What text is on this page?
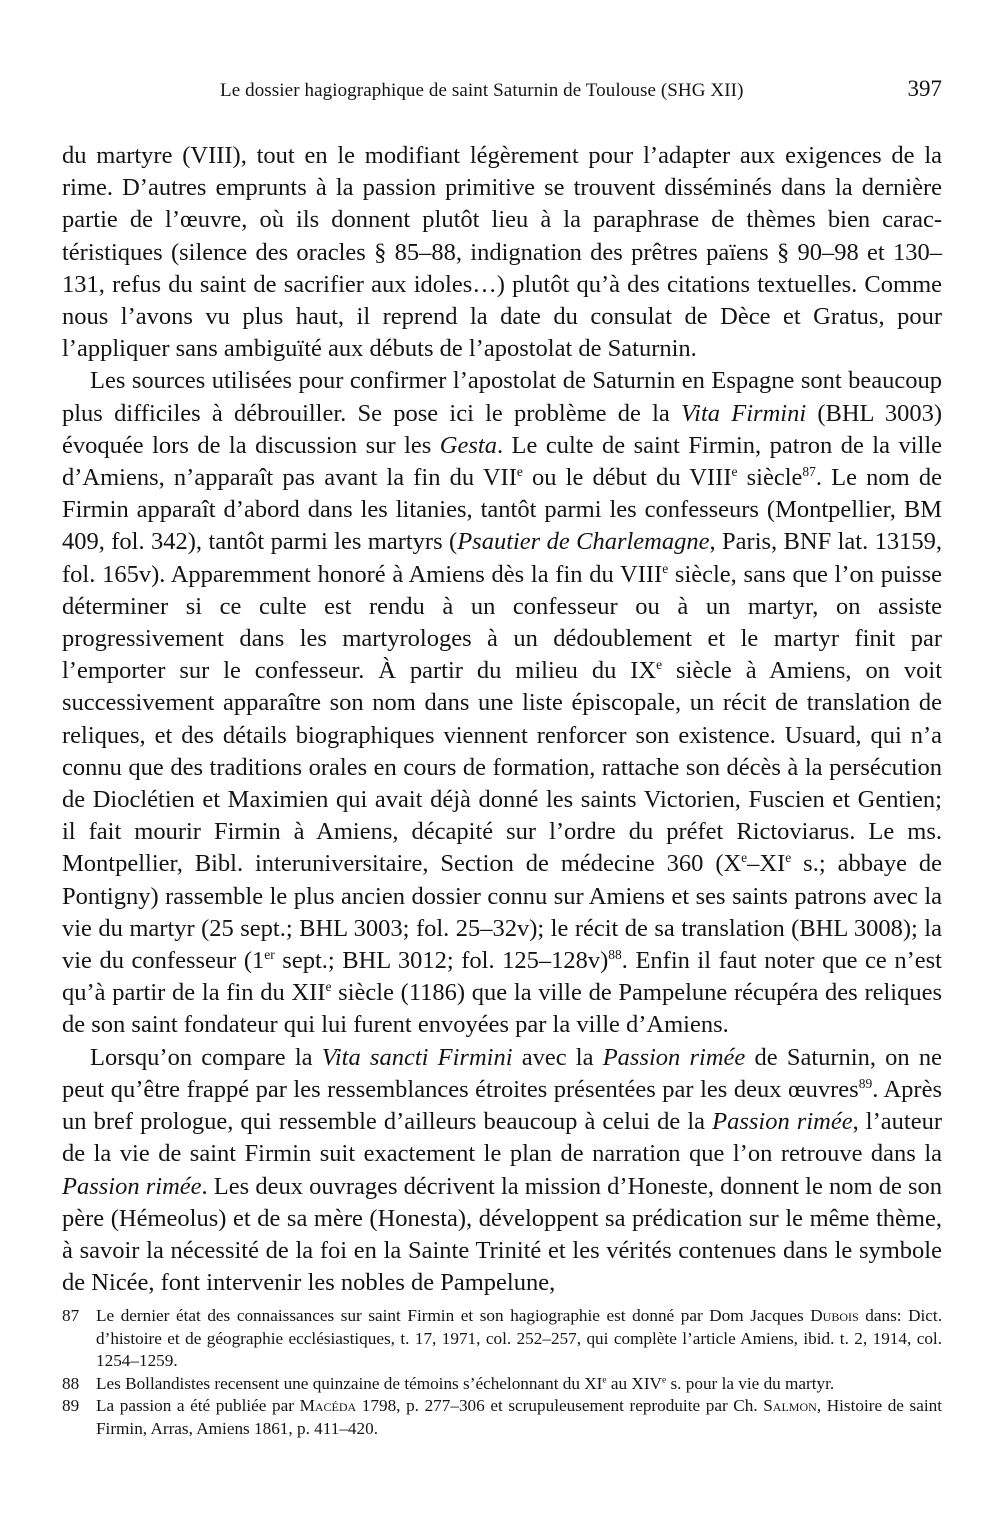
Le dossier hagiographique de saint Saturnin de Toulouse (SHG XII)	397

du martyre (VIII), tout en le modifiant légèrement pour l’adapter aux exigences de la rime. D’autres emprunts à la passion primitive se trouvent disséminés dans la dernière partie de l’œuvre, où ils donnent plutôt lieu à la paraphrase de thèmes bien caractéristiques (silence des oracles § 85–88, indignation des prêtres païens § 90–98 et 130–131, refus du saint de sacrifier aux idoles…) plutôt qu’à des citations textuelles. Comme nous l’avons vu plus haut, il reprend la date du consulat de Dèce et Gratus, pour l’appliquer sans ambiguïté aux débuts de l’apostolat de Saturnin.

Les sources utilisées pour confirmer l’apostolat de Saturnin en Espagne sont beaucoup plus difficiles à débrouiller. Se pose ici le problème de la Vita Firmini (BHL 3003) évoquée lors de la discussion sur les Gesta. Le culte de saint Firmin, patron de la ville d’Amiens, n’apparaît pas avant la fin du VIIe ou le début du VIIIe siècle$^{87}$. Le nom de Firmin apparaît d’abord dans les litanies, tantôt parmi les confesseurs (Montpellier, BM 409, fol. 342), tantôt parmi les martyrs (Psautier de Charlemagne, Paris, BNF lat. 13159, fol. 165v). Apparemment honoré à Amiens dès la fin du VIIIe siècle, sans que l’on puisse déterminer si ce culte est rendu à un confesseur ou à un martyr, on assiste progressivement dans les martyrologes à un dédoublement et le martyr finit par l’emporter sur le confesseur. À partir du milieu du IXe siècle à Amiens, on voit successivement apparaître son nom dans une liste épiscopale, un récit de translation de reliques, et des détails biographiques viennent renforcer son existence. Usuard, qui n’a connu que des traditions orales en cours de formation, rattache son décès à la persécution de Dioclétien et Maximien qui avait déjà donné les saints Victorien, Fuscien et Gentien; il fait mourir Firmin à Amiens, décapité sur l’ordre du préfet Rictoviarus. Le ms. Montpellier, Bibl. interuniversitaire, Section de médecine 360 (Xe–XIe s.; abbaye de Pontigny) rassemble le plus ancien dossier connu sur Amiens et ses saints patrons avec la vie du martyr (25 sept.; BHL 3003; fol. 25–32v); le récit de sa translation (BHL 3008); la vie du confesseur (1er sept.; BHL 3012; fol. 125–128v)$^{88}$. Enfin il faut noter que ce n’est qu’à partir de la fin du XIIe siècle (1186) que la ville de Pampelune récupéra des reliques de son saint fondateur qui lui furent envoyées par la ville d’Amiens.

Lorsqu’on compare la Vita sancti Firmini avec la Passion rimée de Saturnin, on ne peut qu’être frappé par les ressemblances étroites présentées par les deux œuvres$^{89}$. Après un bref prologue, qui ressemble d’ailleurs beaucoup à celui de la Passion rimée, l’auteur de la vie de saint Firmin suit exactement le plan de narration que l’on retrouve dans la Passion rimée. Les deux ouvrages décrivent la mission d’Honeste, donnent le nom de son père (Hémeolus) et de sa mère (Honesta), développent sa prédication sur le même thème, à savoir la nécessité de la foi en la Sainte Trinité et les vérités contenues dans le symbole de Nicée, font intervenir les nobles de Pampelune,

87 Le dernier état des connaissances sur saint Firmin et son hagiographie est donné par Dom Jacques Dubois dans: Dict. d’histoire et de géographie ecclésiastiques, t. 17, 1971, col. 252–257, qui complète l’article Amiens, ibid. t. 2, 1914, col. 1254–1259.
88 Les Bollandistes recensent une quinzaine de témoins s’échelonnant du XIe au XIVe s. pour la vie du martyr.
89 La passion a été publiée par Macéda 1798, p. 277–306 et scrupuleusement reproduite par Ch. Salmon, Histoire de saint Firmin, Arras, Amiens 1861, p. 411–420.
